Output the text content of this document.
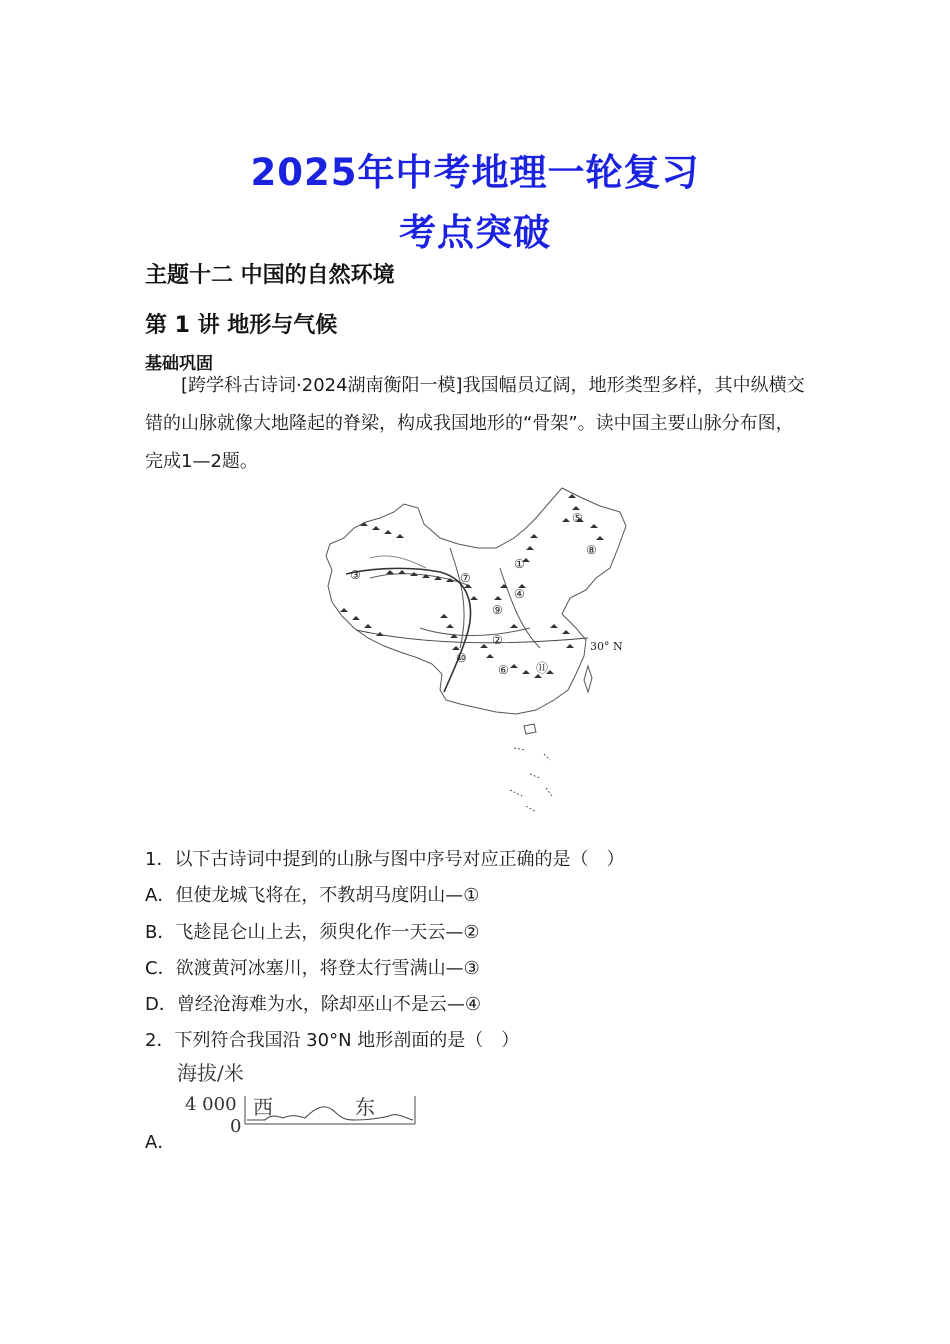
2025年中考地理一轮复习
考点突破
主题十二 中国的自然环境
第 1 讲 地形与气候
基础巩固
[跨学科古诗词·2024湖南衡阳一模]我国幅员辽阔，地形类型多样，其中纵横交错的山脉就像大地隆起的脊梁，构成我国地形的“骨架”。读中国主要山脉分布图，完成1—2题。
①
②
③
④
⑤
⑥
⑦
⑧
⑨
⑩
⑪
30° N
1．以下古诗词中提到的山脉与图中序号对应正确的是（　）
A．但使龙城飞将在，不教胡马度阴山—①
B．飞趁昆仑山上去，须臾化作一天云—②
C．欲渡黄河冰塞川，将登太行雪满山—③
D．曾经沧海难为水，除却巫山不是云—④
2．下列符合我国沿 30°N 地形剖面的是（　）
海拔/米
4 000
0
西	东
A．
